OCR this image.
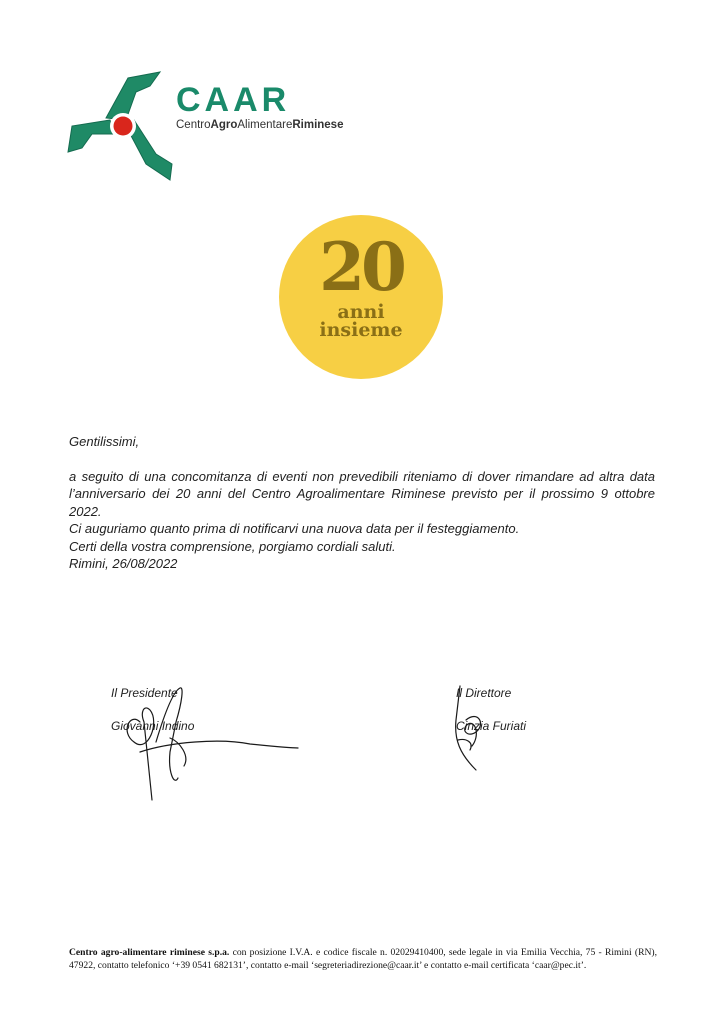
CAAR
CentroAgroAlimentareRiminese
20
anni
insieme

Gentilissimi,

a seguito di una concomitanza di eventi non prevedibili riteniamo di dover rimandare ad altra data

l’anniversario dei 20 anni del Centro Agroalimentare Riminese previsto per il prossimo 9 ottobre

2022.

Ci auguriamo quanto prima di notificarvi una nuova data per il festeggiamento.

Certi della vostra comprensione, porgiamo cordiali saluti.

Rimini, 26/08/2022

Il Presidente
Giovanni Indino
Il Direttore
Cinzia Furiati
Centro agro-alimentare riminese s.p.a. con posizione I.V.A. e codice fiscale n. 02029410400, sede legale in via Emilia Vecchia, 75 - Rimini (RN), 47922, contatto telefonico ‘+39 0541 682131’, contatto e-mail ‘segreteriadirezione@caar.it’ e contatto e-mail certificata ‘caar@pec.it’.
